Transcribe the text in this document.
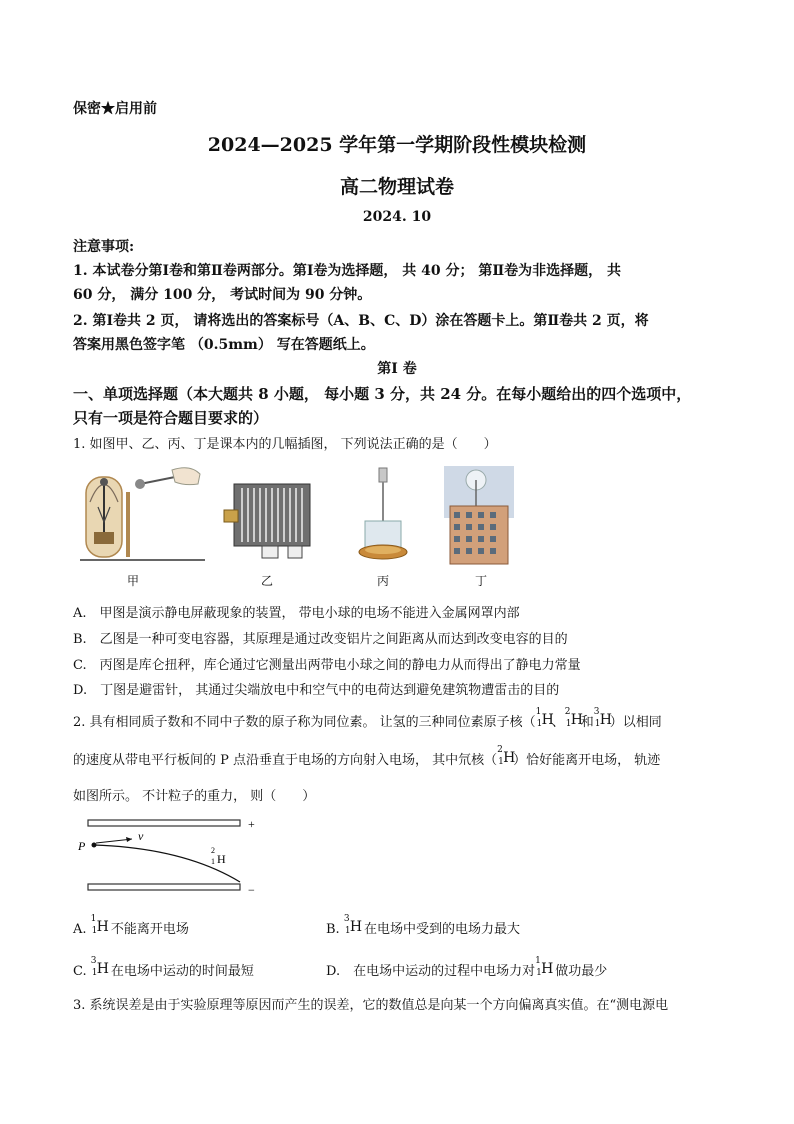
保密★启用前
2024—2025 学年第一学期阶段性模块检测
高二物理试卷
2024. 10
注意事项:
1. 本试卷分第Ⅰ卷和第Ⅱ卷两部分。第Ⅰ卷为选择题， 共 40 分； 第Ⅱ卷为非选择题， 共
60 分， 满分 100 分， 考试时间为 90 分钟。
2. 第Ⅰ卷共 2 页， 请将选出的答案标号（A、B、C、D）涂在答题卡上。第Ⅱ卷共 2 页，将
答案用黑色签字笔 （0.5mm） 写在答题纸上。
第Ⅰ 卷
一、单项选择题（本大题共 8 小题， 每小题 3 分，共 24 分。在每小题给出的四个选项中，
只有一项是符合题目要求的）
1. 如图甲、乙、丙、丁是课本内的几幅插图， 下列说法正确的是（　　）
甲	乙	丙	丁
A.　甲图是演示静电屏蔽现象的装置， 带电小球的电场不能进入金属网罩内部
B.　乙图是一种可变电容器，其原理是通过改变铝片之间距离从而达到改变电容的目的
C.　丙图是库仑扭秤，库仑通过它测量出两带电小球之间的静电力从而得出了静电力常量
D.　丁图是避雷针， 其通过尖端放电中和空气中的电荷达到避免建筑物遭雷击的目的
2. 具有相同质子数和不同中子数的原子称为同位素。 让氢的三种同位素原子核（
1
1 H
、
2
1 H
和
3
1 H
）以相同
的速度从带电平行板间的 P 点沿垂直于电场的方向射入电场， 其中氘核（
2
1 H
）恰好能离开电场， 轨迹
如图所示。 不计粒子的重力， 则（　　）
P
v
+
−
2
1 H
A.
1
1 H 不能离开电场	B.
3
1 H 在电场中受到的电场力最大
C.
3
1 H 在电场中运动的时间最短	D.　在电场中运动的过程中电场力对
1
1 H 做功最少
3. 系统误差是由于实验原理等原因而产生的误差，它的数值总是向某一个方向偏离真实值。在“测电源电
